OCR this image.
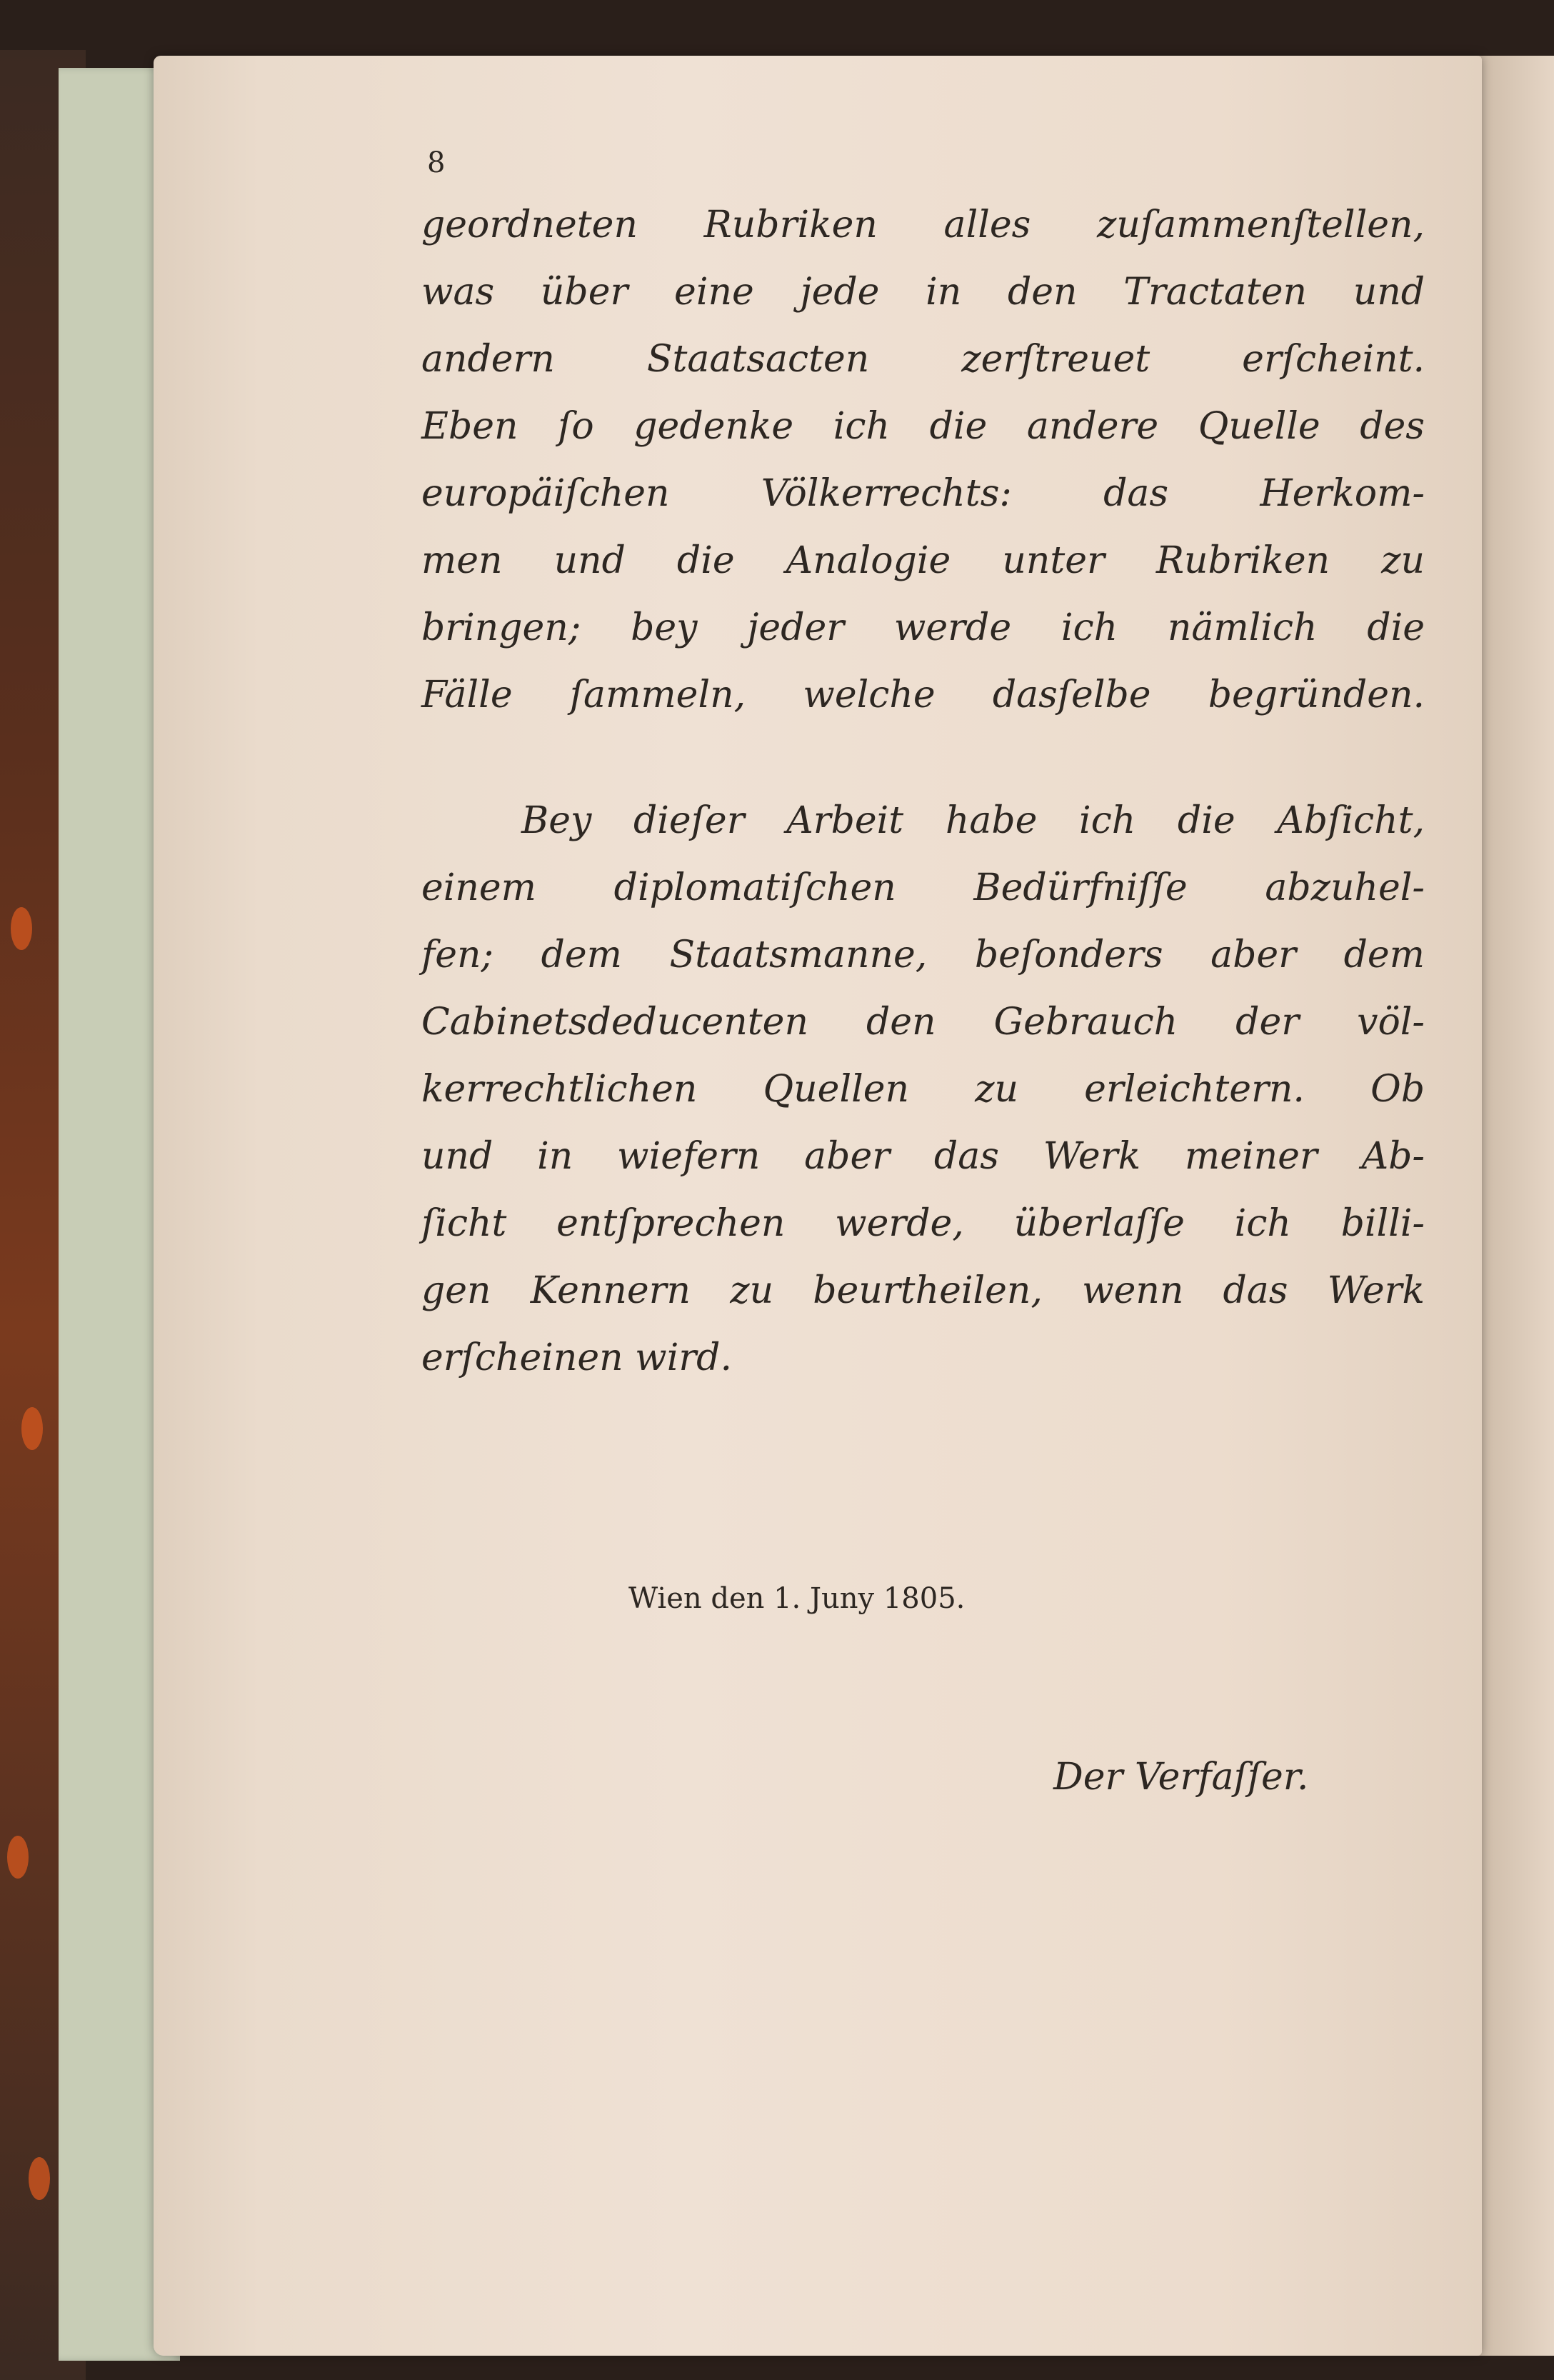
8
geordneten Rubriken alles zuſammenſtellen,
was über eine jede in den Tractaten und
andern Staatsacten zerſtreuet erſcheint.
Eben ſo gedenke ich die andere Quelle des
europäiſchen Völkerrechts: das Herkom-
men und die Analogie unter Rubriken zu
bringen; bey jeder werde ich nämlich die
Fälle ſammeln, welche dasſelbe begründen.
Bey dieſer Arbeit habe ich die Abſicht,
einem diplomatiſchen Bedürfniſſe abzuhel-
fen; dem Staatsmanne, beſonders aber dem
Cabinetsdeducenten den Gebrauch der völ-
kerrechtlichen Quellen zu erleichtern. Ob
und in wiefern aber das Werk meiner Ab-
ſicht entſprechen werde, überlaſſe ich billi-
gen Kennern zu beurtheilen, wenn das Werk
erſcheinen wird.
Wien den 1. Juny 1805.
Der Verfaſſer.
